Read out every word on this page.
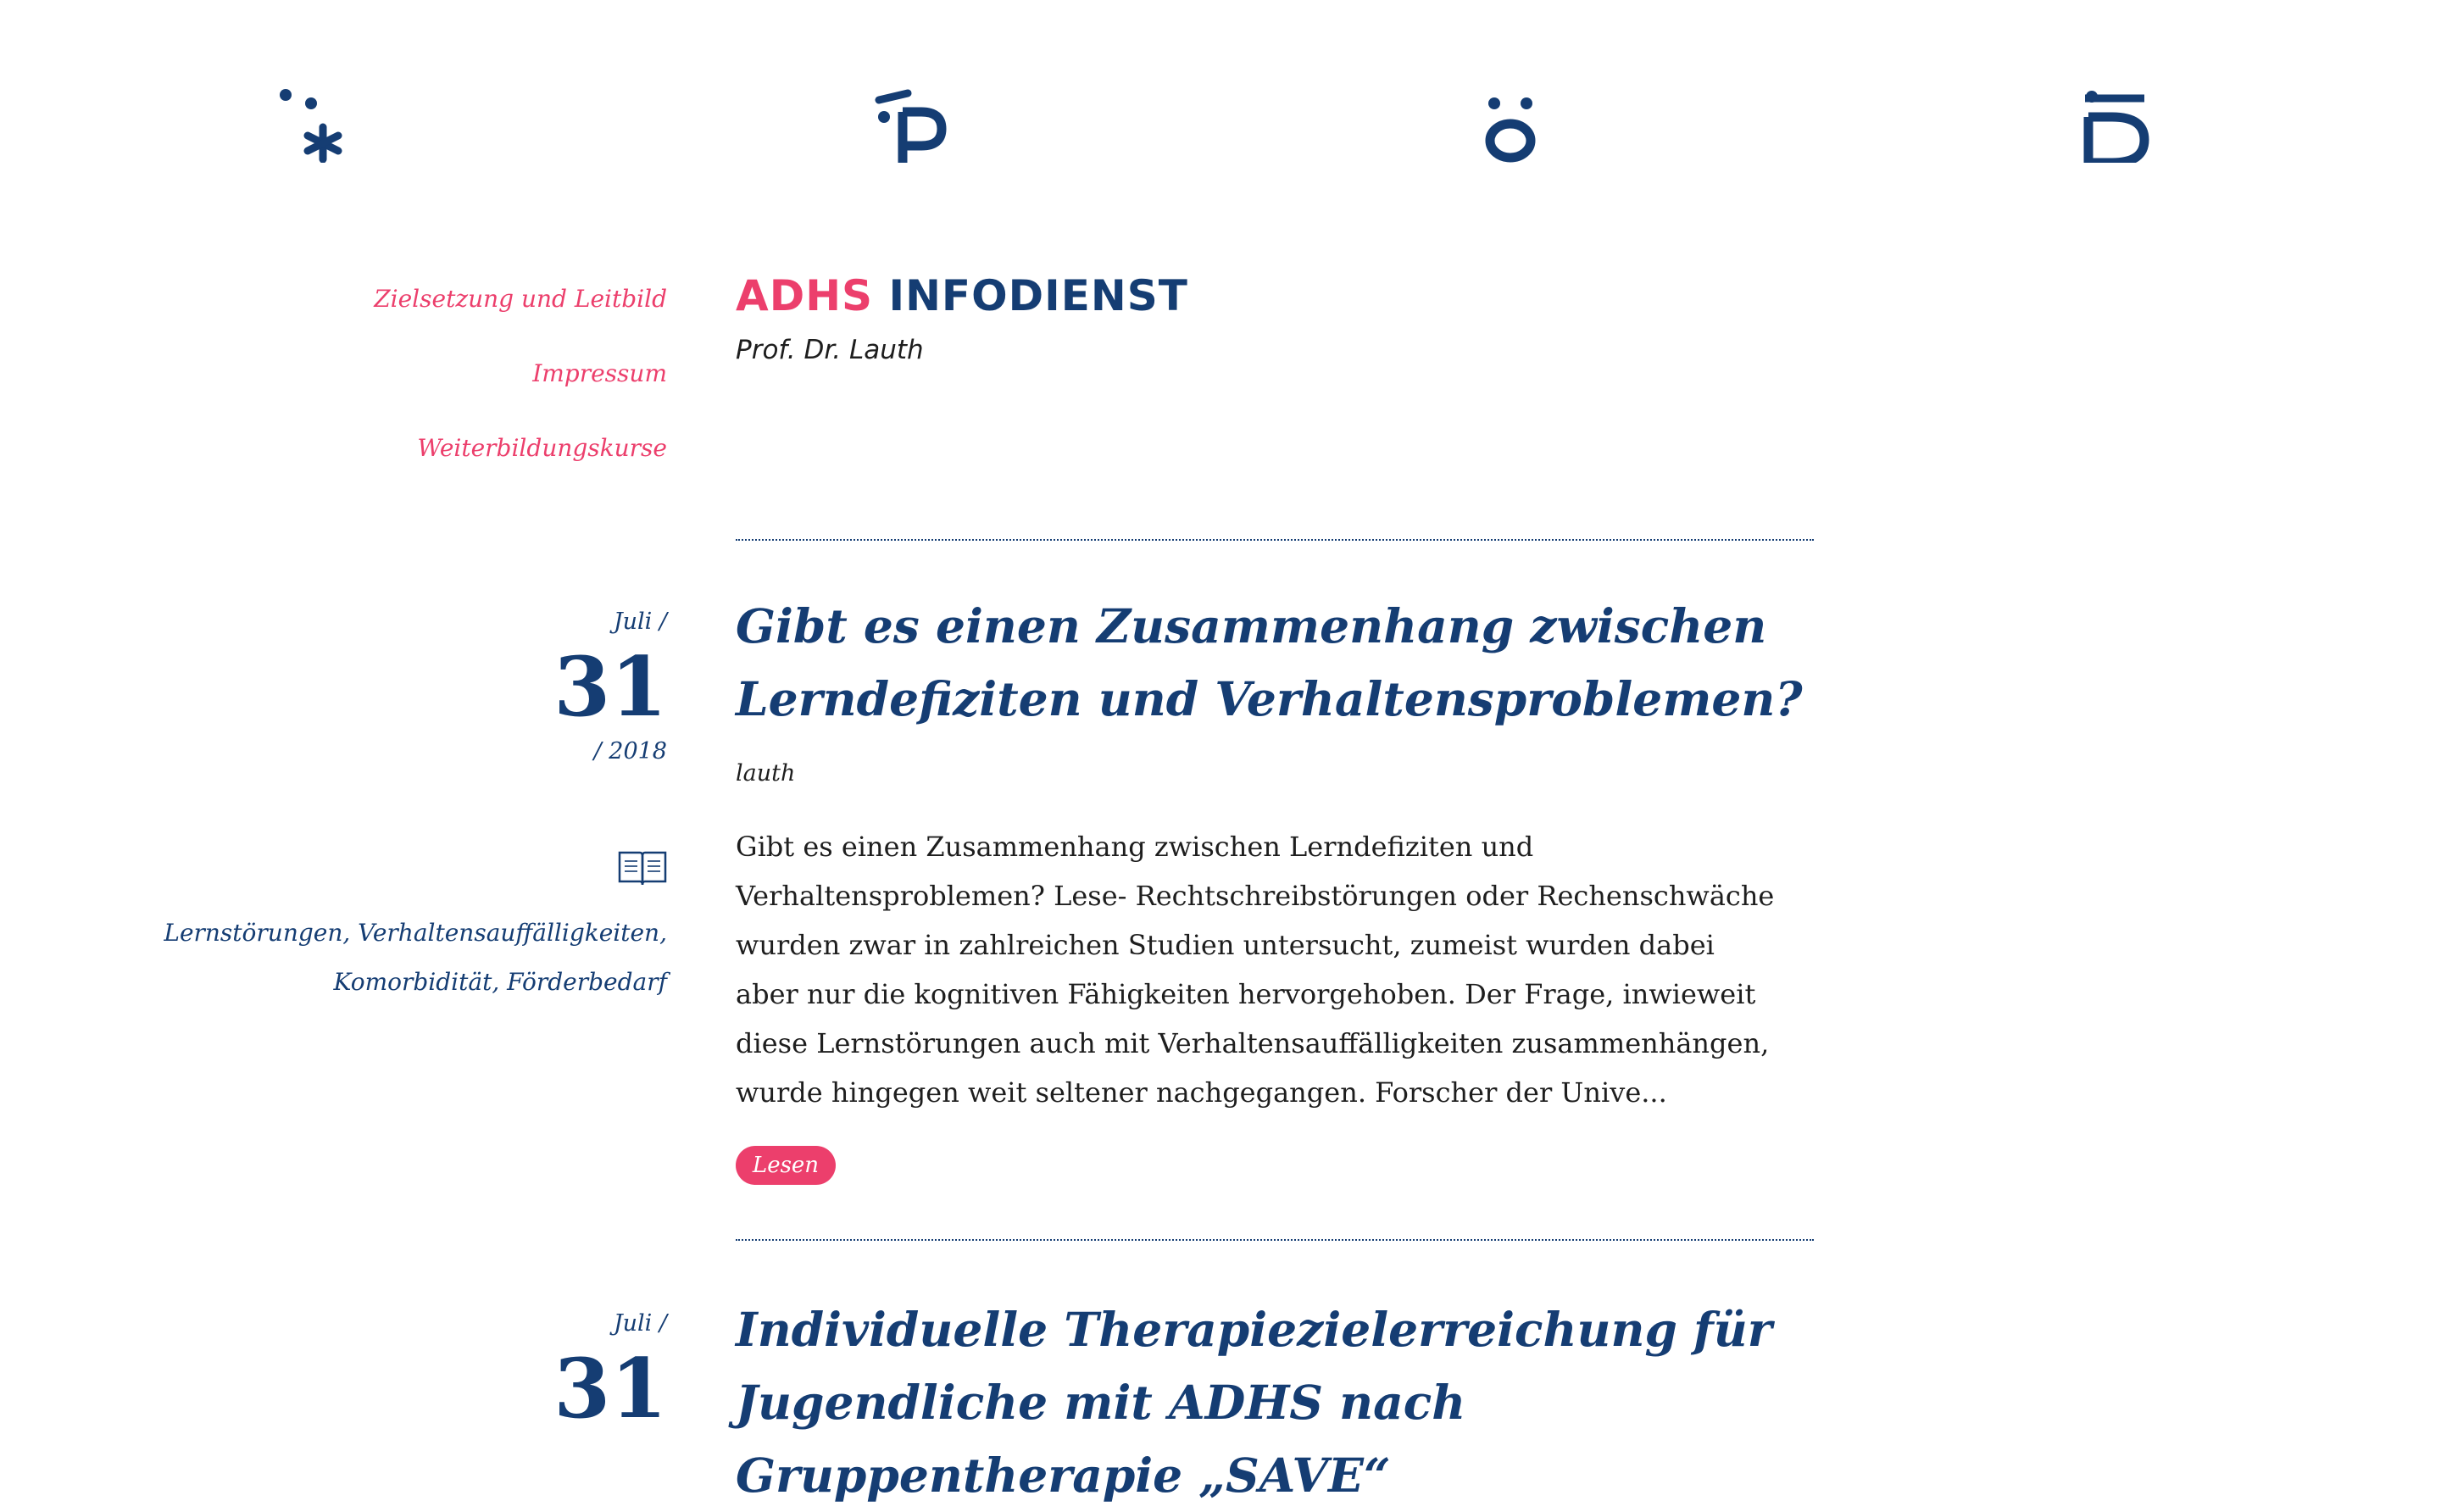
Zielsetzung und Leitbild
Impressum
Weiterbildungskurse
ADHS INFODIENST
Prof. Dr. Lauth
Juli /
31
/ 2018
Lernstörungen, Verhaltensauffälligkeiten, Komorbidität, Förderbedarf
Gibt es einen Zusammenhang zwischen Lerndefiziten und Verhaltensproblemen?
lauth

Gibt es einen Zusammenhang zwischen Lerndefiziten und Verhaltensproblemen? Lese- Rechtschreibstörungen oder Rechenschwäche wurden zwar in zahlreichen Studien untersucht, zumeist wurden dabei aber nur die kognitiven Fähigkeiten hervorgehoben. Der Frage, inwieweit diese Lernstörungen auch mit Verhaltensauffälligkeiten zusammenhängen, wurde hingegen weit seltener nachgegangen. Forscher der Unive...

Lesen
Juli /
31
Individuelle Therapiezielerreichung für Jugendliche mit ADHS nach Gruppentherapie „SAVE“
